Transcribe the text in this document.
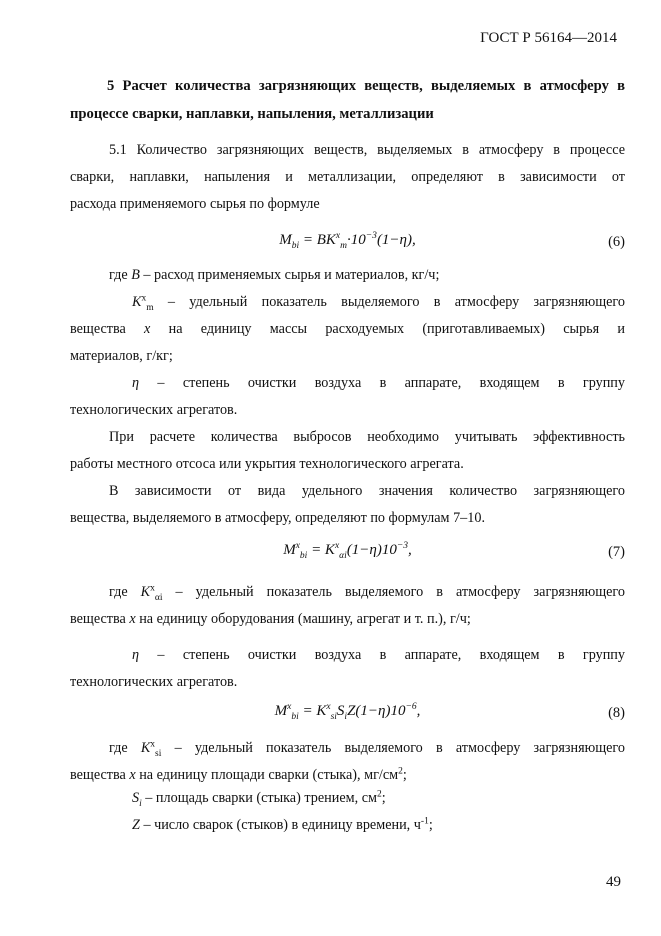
ГОСТ Р 56164—2014
5 Расчет количества загрязняющих веществ, выделяемых в атмосферу в
процессе сварки, наплавки, напыления, металлизации
5.1 Количество загрязняющих веществ, выделяемых в атмосферу в процессе
сварки, наплавки, напыления и металлизации, определяют в зависимости от
расхода применяемого сырья по формуле
$M_{bi} = BK^x_m\cdot 10^{-3}(1-\eta)$,	(6)
где B – расход применяемых сырья и материалов, кг/ч;
$K^x_m$ – удельный показатель выделяемого в атмосферу загрязняющего
вещества x на единицу массы расходуемых (приготавливаемых) сырья и
материалов, г/кг;
η – степень очистки воздуха в аппарате, входящем в группу
технологических агрегатов.
При расчете количества выбросов необходимо учитывать эффективность
работы местного отсоса или укрытия технологического агрегата.
В зависимости от вида удельного значения количество загрязняющего
вещества, выделяемого в атмосферу, определяют по формулам 7–10.
$M^x_{bi} = K^x_{\alpha i}(1-\eta)10^{-3}$,	(7)
где $K^x_{\alpha i}$ – удельный показатель выделяемого в атмосферу загрязняющего
вещества x на единицу оборудования (машину, агрегат и т. п.), г/ч;
η – степень очистки воздуха в аппарате, входящем в группу
технологических агрегатов.
$M^x_{bi} = K^x_{si}S_iZ(1-\eta)10^{-6}$,	(8)
где $K^x_{si}$ – удельный показатель выделяемого в атмосферу загрязняющего
вещества x на единицу площади сварки (стыка), $мг/см^2$;
$S_i$ – площадь сварки (стыка) трением, $см^2$;
Z – число сварок (стыков) в единицу времени, $ч^{-1}$;
49
